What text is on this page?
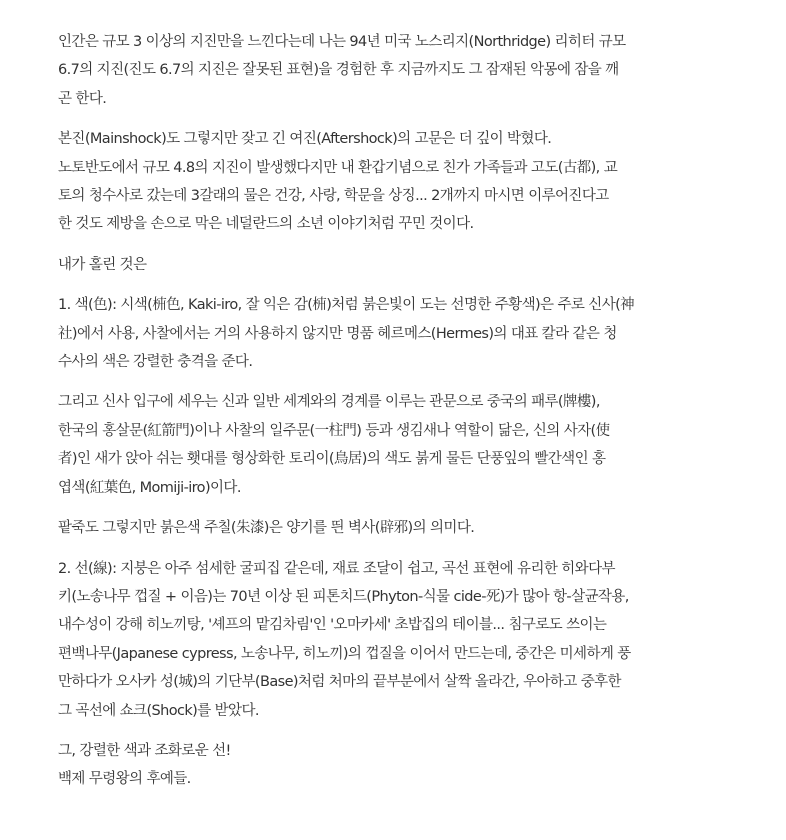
인간은 규모 3 이상의 지진만을 느낀다는데 나는 94년 미국 노스리지(Northridge) 리히터 규모
6.7의 지진(진도 6.7의 지진은 잘못된 표현)을 경험한 후 지금까지도 그 잠재된 악몽에 잠을 깨
곤 한다.

본진(Mainshock)도 그렇지만 잦고 긴 여진(Aftershock)의 고문은 더 깊이 박혔다.
노토반도에서 규모 4.8의 지진이 발생했다지만 내 환갑기념으로 친가 가족들과 고도(古都), 교
토의 청수사로 갔는데 3갈래의 물은 건강, 사랑, 학문을 상징... 2개까지 마시면 이루어진다고
한 것도 제방을 손으로 막은 네덜란드의 소년 이야기처럼 꾸민 것이다.

내가 홀린 것은

1. 색(色): 시색(枾色, Kaki-iro, 잘 익은 감(枾)처럼 붉은빛이 도는 선명한 주황색)은 주로 신사(神
社)에서 사용, 사찰에서는 거의 사용하지 않지만 명품 헤르메스(Hermes)의 대표 칼라 같은 청
수사의 색은 강렬한 충격을 준다.

그리고 신사 입구에 세우는 신과 일반 세계와의 경계를 이루는 관문으로 중국의 패루(牌樓),
한국의 홍살문(紅箭門)이나 사찰의 일주문(一柱門) 등과 생김새나 역할이 닮은, 신의 사자(使
者)인 새가 앉아 쉬는 횃대를 형상화한 토리이(鳥居)의 색도 붉게 물든 단풍잎의 빨간색인 홍
엽색(紅葉色, Momiji-iro)이다.

팥죽도 그렇지만 붉은색 주칠(朱漆)은 양기를 띈 벽사(辟邪)의 의미다.

2. 선(線): 지붕은 아주 섬세한 굴피집 같은데, 재료 조달이 쉽고, 곡선 표현에 유리한 히와다부
키(노송나무 껍질 + 이음)는 70년 이상 된 피톤치드(Phyton-식물 cide-死)가 많아 항-살균작용,
내수성이 강해 히노끼탕, '셰프의 맡김차림'인 '오마카세' 초밥집의 테이블... 침구로도 쓰이는
편백나무(Japanese cypress, 노송나무, 히노끼)의 껍질을 이어서 만드는데, 중간은 미세하게 풍
만하다가 오사카 성(城)의 기단부(Base)처럼 처마의 끝부분에서 살짝 올라간, 우아하고 중후한
그 곡선에 쇼크(Shock)를 받았다.

그, 강렬한 색과 조화로운 선!
백제 무령왕의 후예들.
